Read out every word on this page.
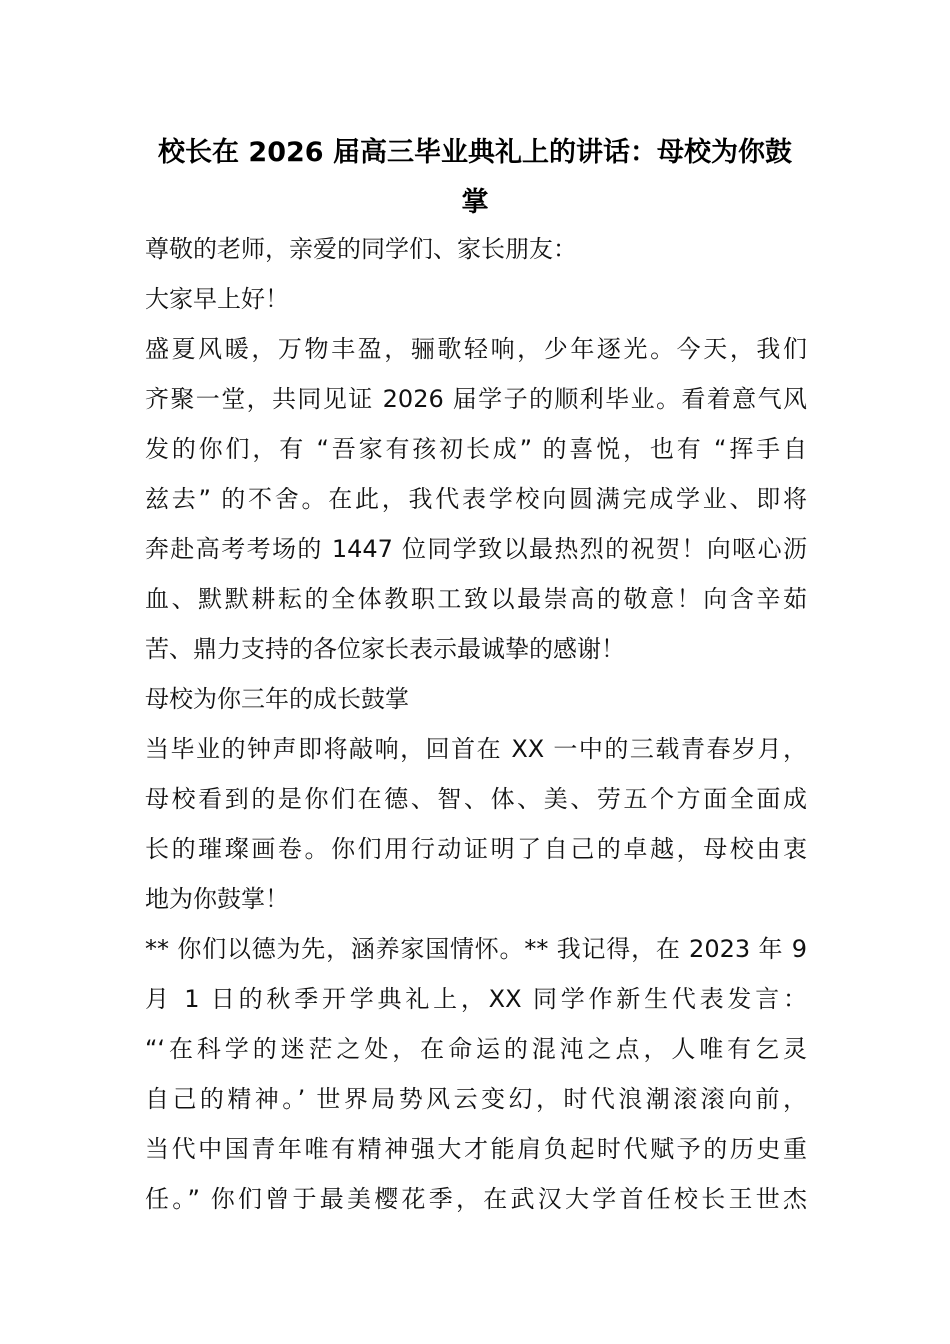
校长在 2026 届高三毕业典礼上的讲话：母校为你鼓
掌
尊敬的老师，亲爱的同学们、家长朋友：
大家早上好！
盛夏风暖，万物丰盈，骊歌轻响，少年逐光。今天，我们
齐聚一堂，共同见证 2026 届学子的顺利毕业。看着意气风
发的你们，有 “吾家有孩初长成” 的喜悦，也有 “挥手自
兹去” 的不舍。在此，我代表学校向圆满完成学业、即将
奔赴高考考场的 1447 位同学致以最热烈的祝贺！向呕心沥
血、默默耕耘的全体教职工致以最崇高的敬意！向含辛茹
苦、鼎力支持的各位家长表示最诚挚的感谢！
母校为你三年的成长鼓掌
当毕业的钟声即将敲响，回首在 XX 一中的三载青春岁月，
母校看到的是你们在德、智、体、美、劳五个方面全面成
长的璀璨画卷。你们用行动证明了自己的卓越，母校由衷
地为你鼓掌！
** 你们以德为先，涵养家国情怀。** 我记得，在 2023 年 9
月 1 日的秋季开学典礼上，XX 同学作新生代表发言：
“‘在科学的迷茫之处，在命运的混沌之点，人唯有乞灵
自己的精神。’ 世界局势风云变幻，时代浪潮滚滚向前，
当代中国青年唯有精神强大才能肩负起时代赋予的历史重
任。” 你们曾于最美樱花季，在武汉大学首任校长王世杰
